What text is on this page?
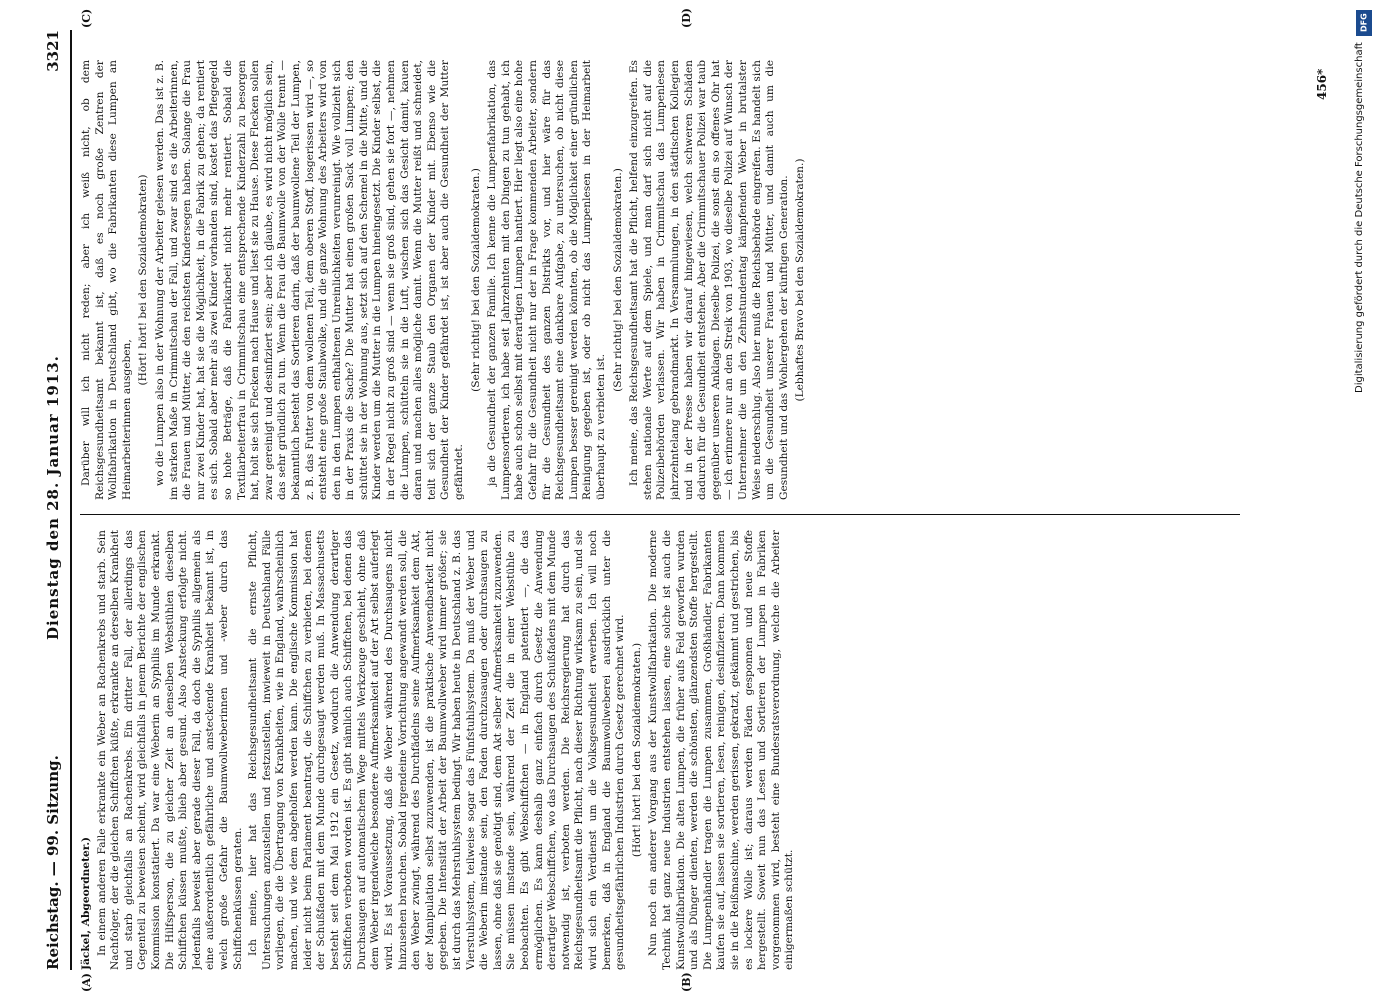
Reichstag. — 99. Sitzung.
Dienstag den 28. Januar 1913.
3321
(A)	(B)
(C)	(D)

Jäckel, Abgeordneter.) In einem anderen Falle erkrankte ein Weber an Rachenkrebs und starb. Sein Nachfolger, der die gleichen Schiffchen küßte, erkrankte an derselben Krankheit und starb gleichfalls an Rachenkrebs. Ein dritter Fall, der allerdings das Gegenteil zu beweisen scheint, wird gleichfalls in jenem Berichte der englischen Kommission konstatiert. Da war eine Weberin an Syphilis im Munde erkrankt. Die Hilfsperson, die zu gleicher Zeit an denselben Webstühlen dieselben Schiffchen küssen mußte, blieb aber gesund. Also Ansteckung erfolgte nicht. Jedenfalls beweist aber gerade dieser Fall, da doch die Syphilis allgemein als eine außerordentlich gefährliche und ansteckende Krankheit bekannt ist, in welch große Gefahr die Baumwollweberinnen und -weber durch das Schiffchenküssen geraten. Ich meine, hier hat das Reichsgesundheitsamt die ernste Pflicht, Untersuchungen anzustellen und festzustellen, inwieweit in Deutschland Fälle vorliegen, die die Übertragung von Krankheiten, wie in England, wahrscheinlich machen, und wie dem abgeholfen werden kann. Die englische Kommission hat leider nicht beim Parlament beantragt, die Schiffchen zu verbieten, bei denen der Schußfaden mit dem Munde durchgesaugt werden muß. In Massachusetts besteht seit dem Mai 1912 ein Gesetz, wodurch die Anwendung derartiger Schiffchen verboten worden ist. Es gibt nämlich auch Schiffchen, bei denen das Durchsaugen auf automatischem Wege mittels Werkzeuge geschieht, ohne daß dem Weber irgendwelche besondere Aufmerksamkeit auf der Art selbst auferlegt wird. Es ist Voraussetzung, daß die Weber während des Durchsaugens nicht hinzusehen brauchen. Sobald irgendeine Vorrichtung angewandt werden soll, die den Weber zwingt, während des Durchfädelns seine Aufmerksamkeit dem Akt, der Manipulation selbst zuzuwenden, ist die praktische Anwendbarkeit nicht gegeben. Die Intensität der Arbeit der Baumwollweber wird immer größer; sie ist durch das Mehrstuhlsystem bedingt. Wir haben heute in Deutschland z. B. das Vierstuhlsystem, teilweise sogar das Fünfstuhlsystem. Da muß der Weber und die Weberin imstande sein, den Faden durchzusaugen oder durchsaugen zu lassen, ohne daß sie genötigt sind, dem Akt selber Aufmerksamkeit zuzuwenden. Sie müssen imstande sein, während der Zeit die in einer Webstühle zu beobachten. Es gibt Webschiffchen — in England patentiert —, die das ermöglichen. Es kann deshalb ganz einfach durch Gesetz die Anwendung derartiger Webschiffchen, wo das Durchsaugen des Schußfadens mit dem Munde notwendig ist, verboten werden. Die Reichsregierung hat durch das Reichsgesundheitsamt die Pflicht, nach dieser Richtung wirksam zu sein, und sie wird sich ein Verdienst um die Volksgesundheit erwerben. Ich will noch bemerken, daß in England die Baumwollweberei ausdrücklich unter die gesundheitsgefährlichen Industrien durch Gesetz gerechnet wird. (Hört! hört! bei den Sozialdemokraten.) Nun noch ein anderer Vorgang aus der Kunstwollfabrikation. Die moderne Technik hat ganz neue Industrien entstehen lassen, eine solche ist auch die Kunstwollfabrikation. Die alten Lumpen, die früher aufs Feld geworfen wurden und als Dünger dienten, werden die schönsten, glänzendsten Stoffe hergestellt. Die Lumpenhändler tragen die Lumpen zusammen, Großhändler, Fabrikanten kaufen sie auf, lassen sie sortieren, lesen, reinigen, desinfizieren. Dann kommen sie in die Reißmaschine, werden gerissen, gekratzt, gekämmt und gestrichen, bis es lockere Wolle ist; daraus werden Fäden gesponnen und neue Stoffe hergestellt. Soweit nun das Lesen und Sortieren der Lumpen in Fabriken vorgenommen wird, besteht eine Bundesratsverordnung, welche die Arbeiter einigermaßen schützt.

Darüber will ich nicht reden; aber ich weiß nicht, ob dem Reichsgesundheitsamt bekannt ist, daß es noch große Zentren der Wollfabrikation in Deutschland gibt, wo die Fabrikanten diese Lumpen an Heimarbeiterinnen ausgeben,

(Hört! hört! bei den Sozialdemokraten) wo die Lumpen also in der Wohnung der Arbeiter gelesen werden. Das ist z. B. im starken Maße in Crimmitschau der Fall, und zwar sind es die Arbeiterinnen, die Frauen und Mütter, die den reichsten Kindersegen haben. Solange die Frau nur zwei Kinder hat, hat sie die Möglichkeit, in die Fabrik zu gehen; da rentiert es sich. Sobald aber mehr als zwei Kinder vorhanden sind, kostet das Pflegegeld so hohe Beträge, daß die Fabrikarbeit nicht mehr rentiert. Sobald die Textilarbeiterfrau in Crimmitschau eine entsprechende Kinderzahl zu besorgen hat, holt sie sich Flecken nach Hause und liest sie zu Hause. Diese Flecken sollen zwar gereinigt und desinfiziert sein; aber ich glaube, es wird nicht möglich sein, das sehr gründlich zu tun. Wenn die Frau die Baumwolle von der Wolle trennt — bekanntlich besteht das Sortieren darin, daß der baumwollene Teil der Lumpen, z. B. das Futter von dem wollenen Teil, dem oberen Stoff, losgerissen wird —, so entsteht eine große Staubwolke, und die ganze Wohnung des Arbeiters wird von den in den Lumpen enthaltenen Unreinlichkeiten verunreinigt. Wie vollzieht sich in der Praxis die Sache? Die Mutter hat einen großen Sack voll Lumpen; den schüttet sie in der Wohnung aus, setzt sich auf den Schemel in die Mitte, und die Kinder werden um die Mutter in die Lumpen hineingesetzt. Die Kinder selbst, die in der Regel nicht zu groß sind — wenn sie groß sind, gehen sie fort —, nehmen die Lumpen, schütteln sie in die Luft, wischen sich das Gesicht damit, kauen daran und machen alles mögliche damit. Wenn die Mutter reißt und schneidet, teilt sich der ganze Staub den Organen der Kinder mit. Ebenso wie die Gesundheit der Kinder gefährdet ist, ist aber auch die Gesundheit der Mutter gefährdet.

(Sehr richtig! bei den Sozialdemokraten.) ja die Gesundheit der ganzen Familie. Ich kenne die Lumpenfabrikation, das Lumpensortieren, ich habe seit Jahrzehnten mit den Dingen zu tun gehabt, ich habe auch schon selbst mit derartigen Lumpen hantiert. Hier liegt also eine hohe Gefahr für die Gesundheit nicht nur der in Frage kommenden Arbeiter, sondern für die Gesundheit des ganzen Distrikts vor, und hier wäre für das Reichsgesundheitsamt eine dankbare Aufgabe, zu untersuchen, ob nicht diese Lumpen besser gereinigt werden könnten, ob die Möglichkeit einer gründlichen Reinigung gegeben ist, oder ob nicht das Lumpenlesen in der Heimarbeit überhaupt zu verbieten ist.

(Sehr richtig! bei den Sozialdemokraten.) Ich meine, das Reichsgesundheitsamt hat die Pflicht, helfend einzugreifen. Es stehen nationale Werte auf dem Spiele, und man darf sich nicht auf die Polizeibehörden verlassen. Wir haben in Crimmitschau das Lumpenlesen jahrzehntelang gebrandmarkt. In Versammlungen, in den städtischen Kollegien und in der Presse haben wir darauf hingewiesen, welch schweren Schäden dadurch für die Gesundheit entstehen. Aber die Crimmitschauer Polizei war taub gegenüber unseren Anklagen. Dieselbe Polizei, die sonst ein so offenes Ohr hat — ich erinnere nur an den Streik von 1903, wo dieselbe Polizei auf Wunsch der Unternehmer die um den Zehnstundentag kämpfenden Weber in brutalster Weise niederschlug. Also hier muß die Reichsbehörde eingreifen. Es handelt sich um die Gesundheit unserer Frauen und Mütter, und damit auch um die Gesundheit und das Wohlergehen der künftigen Generation. (Lebhaftes Bravo bei den Sozialdemokraten.)

456*
DFG
Digitalisierung gefördert durch die Deutsche Forschungsgemeinschaft
